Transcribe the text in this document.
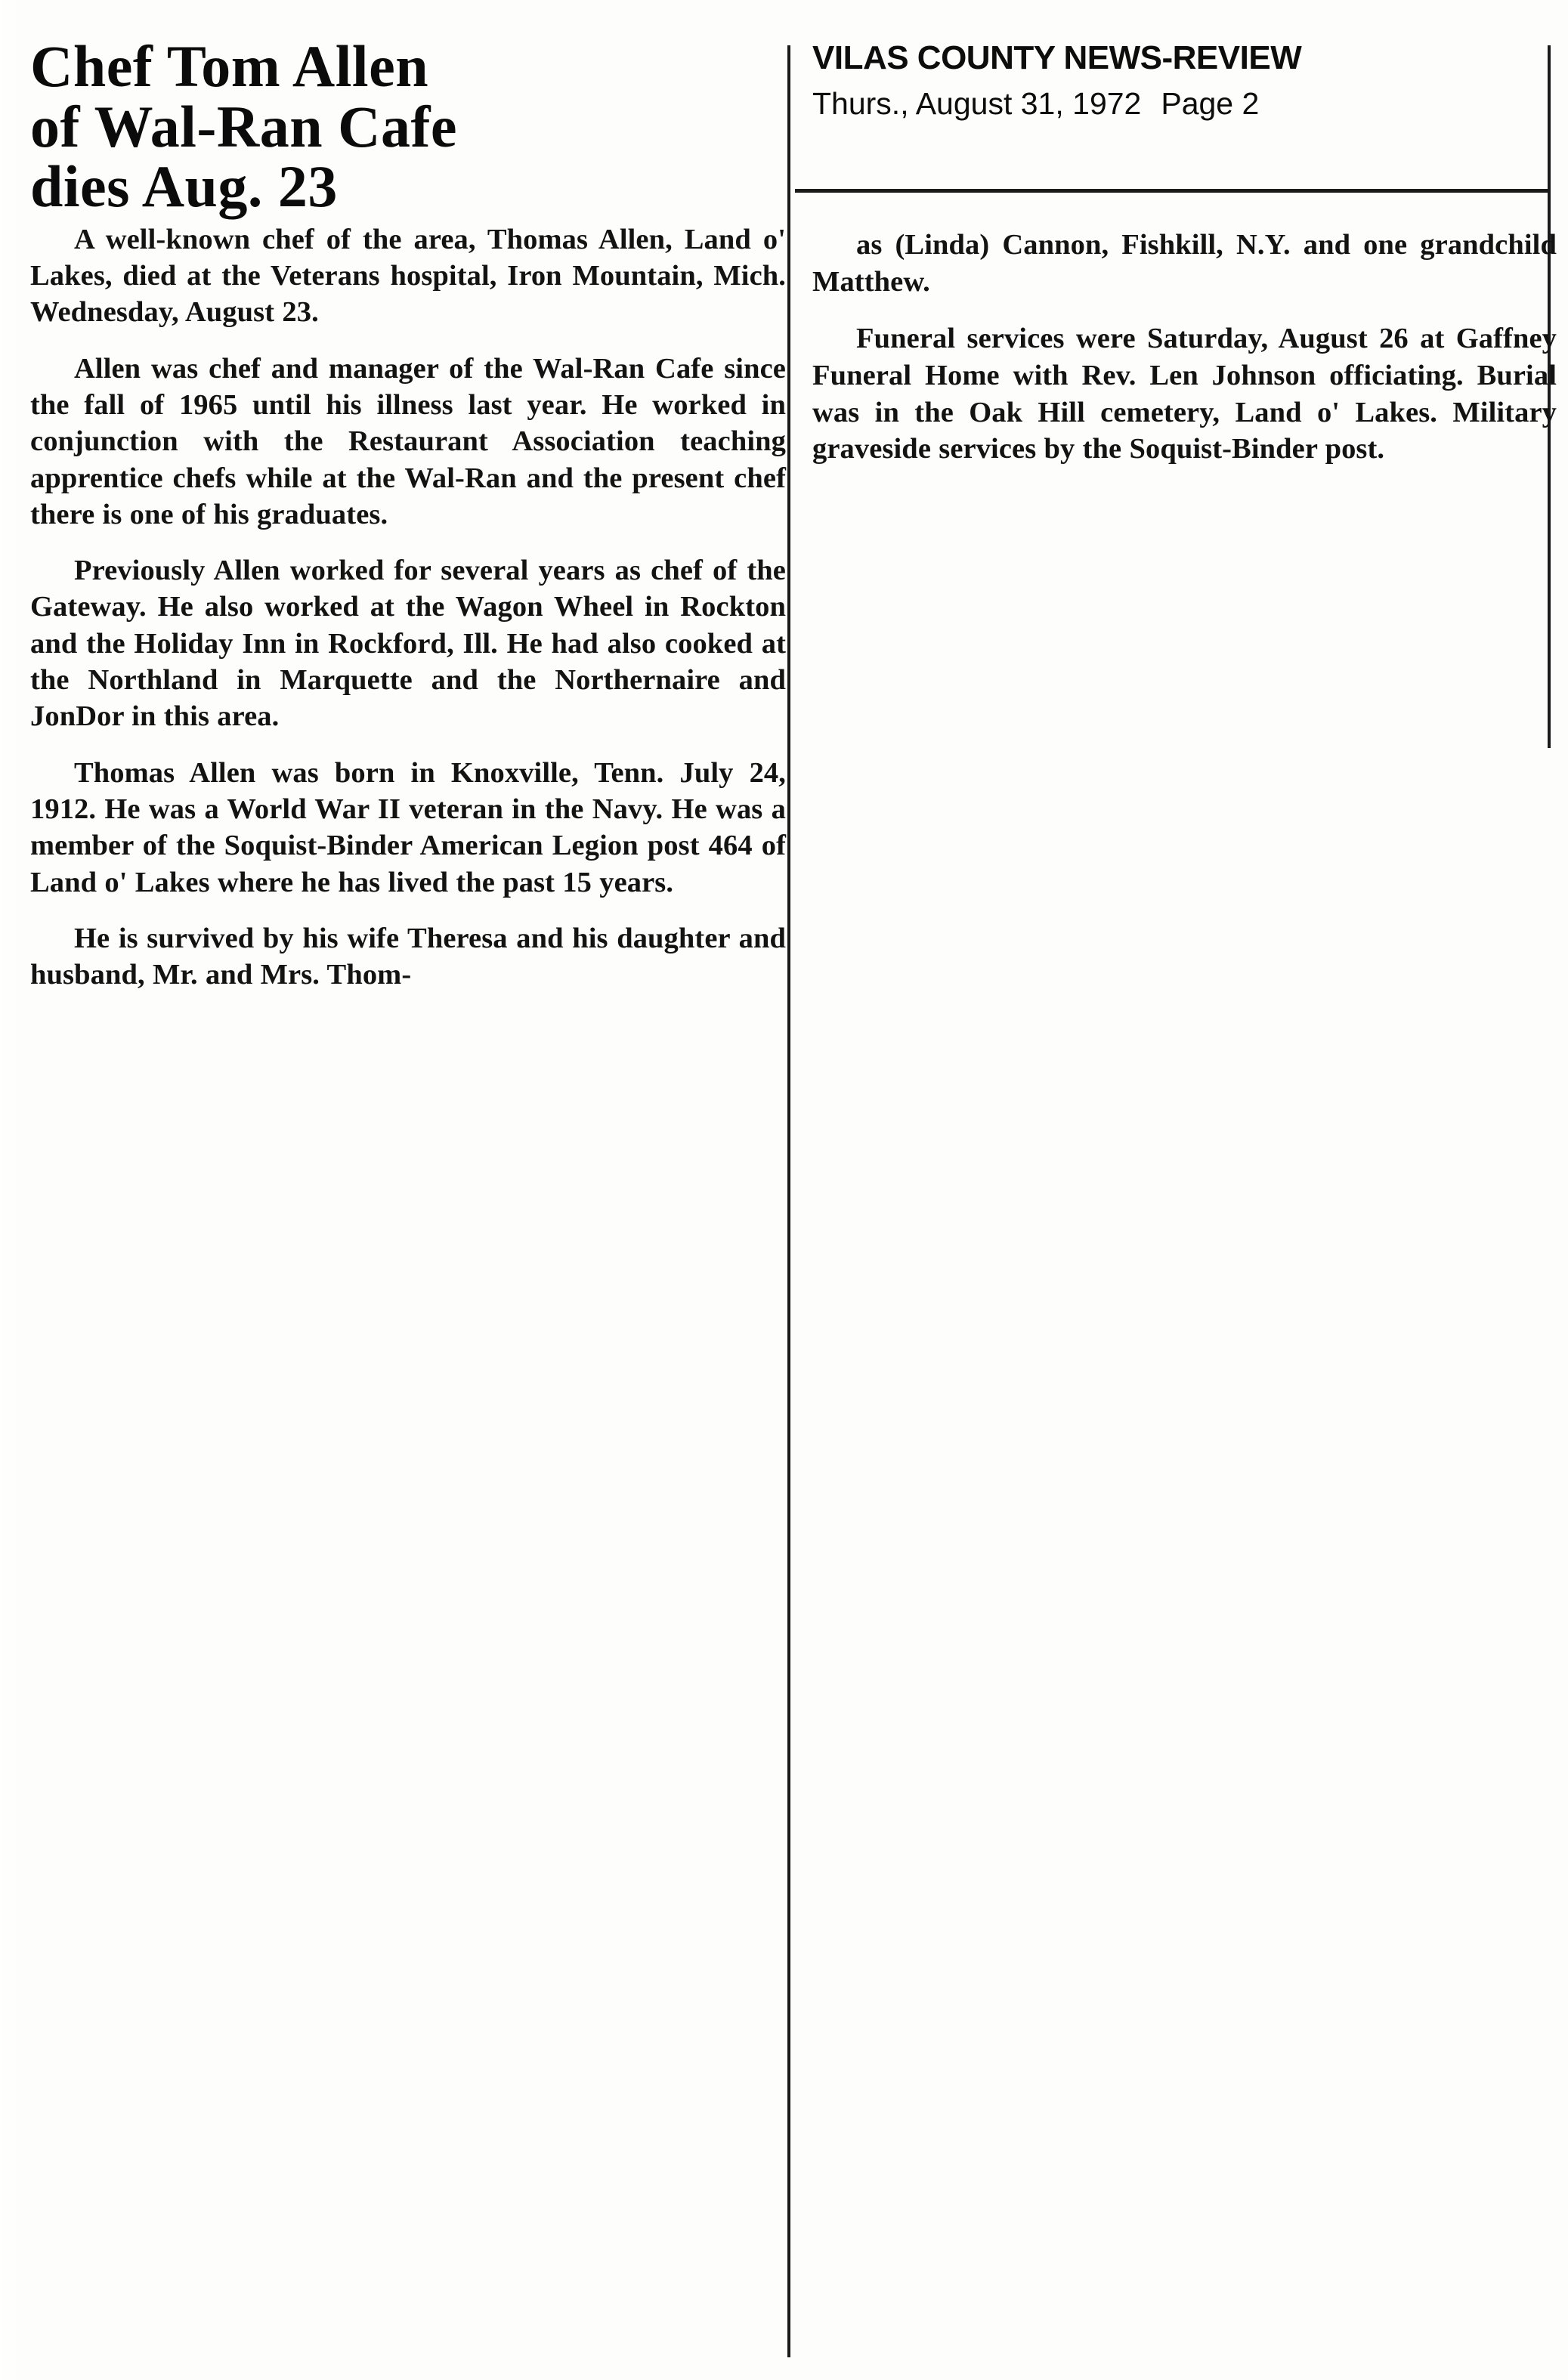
VILAS COUNTY NEWS-REVIEW
Thurs., August 31, 1972 Page 2
Chef Tom Allen
of Wal-Ran Cafe
dies Aug. 23

A well-known chef of the area, Thomas Allen, Land o' Lakes, died at the Veterans hospital, Iron Mountain, Mich. Wednesday, August 23.

Allen was chef and manager of the Wal-Ran Cafe since the fall of 1965 until his illness last year. He worked in conjunction with the Restaurant Association teaching apprentice chefs while at the Wal-Ran and the present chef there is one of his graduates.

Previously Allen worked for several years as chef of the Gateway. He also worked at the Wagon Wheel in Rockton and the Holiday Inn in Rockford, Ill. He had also cooked at the Northland in Marquette and the Northernaire and JonDor in this area.

Thomas Allen was born in Knoxville, Tenn. July 24, 1912. He was a World War II veteran in the Navy. He was a member of the Soquist-Binder American Legion post 464 of Land o' Lakes where he has lived the past 15 years.

He is survived by his wife Theresa and his daughter and husband, Mr. and Mrs. Thom-

as (Linda) Cannon, Fishkill, N.Y. and one grandchild Matthew.

Funeral services were Saturday, August 26 at Gaffney Funeral Home with Rev. Len Johnson officiating. Burial was in the Oak Hill cemetery, Land o' Lakes. Military graveside services by the Soquist-Binder post.
